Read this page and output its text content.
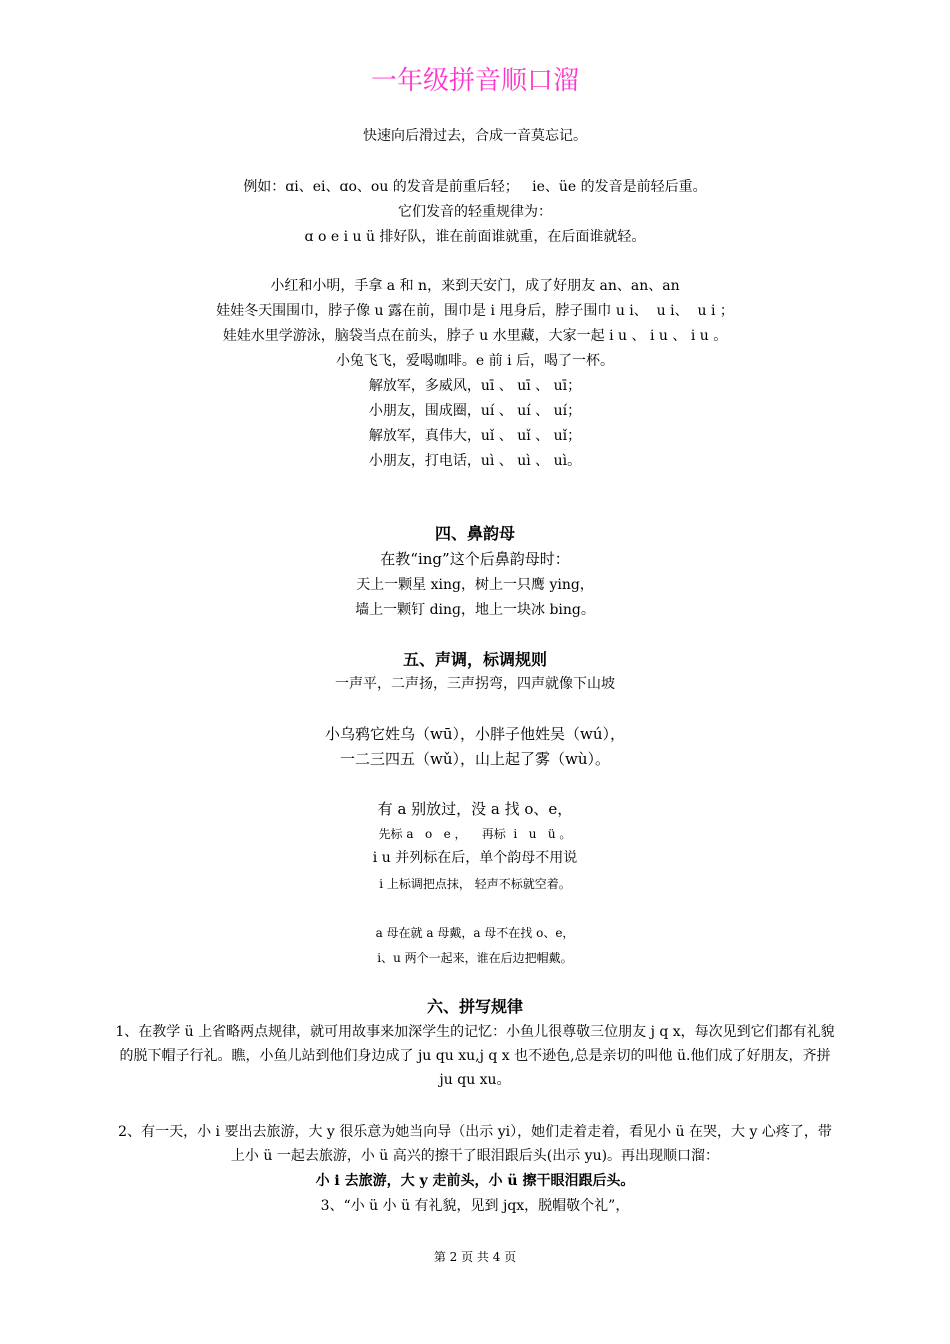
一年级拼音顺口溜
快速向后滑过去，合成一音莫忘记。
例如：ɑi、ei、ɑo、ou 的发音是前重后轻；   ie、üe 的发音是前轻后重。
它们发音的轻重规律为：
ɑ o e i u ü 排好队，谁在前面谁就重，在后面谁就轻。
小红和小明，手拿 a 和 n，来到天安门，成了好朋友 an、an、an
娃娃冬天围围巾，脖子像 u 露在前，围巾是 i 甩身后，脖子围巾 u i、  u i、  u i ；
娃娃水里学游泳，脑袋当点在前头，脖子 u 水里藏，大家一起 i u 、 i u 、 i u 。
小兔飞飞，爱喝咖啡。e 前 i 后，喝了一杯。
解放军，多威风，uī 、 uī 、 uī；
小朋友，围成圈，uí 、 uí 、 uí；
解放军，真伟大，uǐ 、 uǐ 、 uǐ；
小朋友，打电话，uì 、 uì 、 uì。
四、鼻韵母
在教“ing”这个后鼻韵母时：
天上一颗星 xing，树上一只鹰 ying，
墙上一颗钉 dinɡ，地上一块冰 bing。
五、声调，标调规则
一声平，二声扬，三声拐弯，四声就像下山坡
小乌鸦它姓乌（wū），小胖子他姓吴（wú），
一二三四五（wǔ），山上起了雾（wù）。
有 a 别放过，没 a 找 o、e，
先标 a   o   e ，    再标  i   u   ü 。
i u 并列标在后，单个韵母不用说
i 上标调把点抹， 轻声不标就空着。
a 母在就 a 母戴，a 母不在找 o、e，
i、u 两个一起来，谁在后边把帽戴。
六、拼写规律
1、在教学 ü 上省略两点规律，就可用故事来加深学生的记忆：小鱼儿很尊敬三位朋友 j q x，每次见到它们都有礼貌的脱下帽子行礼。瞧，小鱼儿站到他们身边成了 ju qu xu,j q x 也不逊色,总是亲切的叫他 ü.他们成了好朋友，齐拼 ju qu xu。
2、有一天，小 i 要出去旅游，大 y 很乐意为她当向导（出示 yi），她们走着走着，看见小 ü 在哭，大 y 心疼了，带上小 ü 一起去旅游，小 ü 高兴的擦干了眼泪跟后头(出示 yu)。再出现顺口溜：
小 i 去旅游，大 y 走前头，小 ü 擦干眼泪跟后头。
3、“小 ü 小 ü 有礼貌，见到 jqx，脱帽敬个礼”，
第 2 页 共 4 页
